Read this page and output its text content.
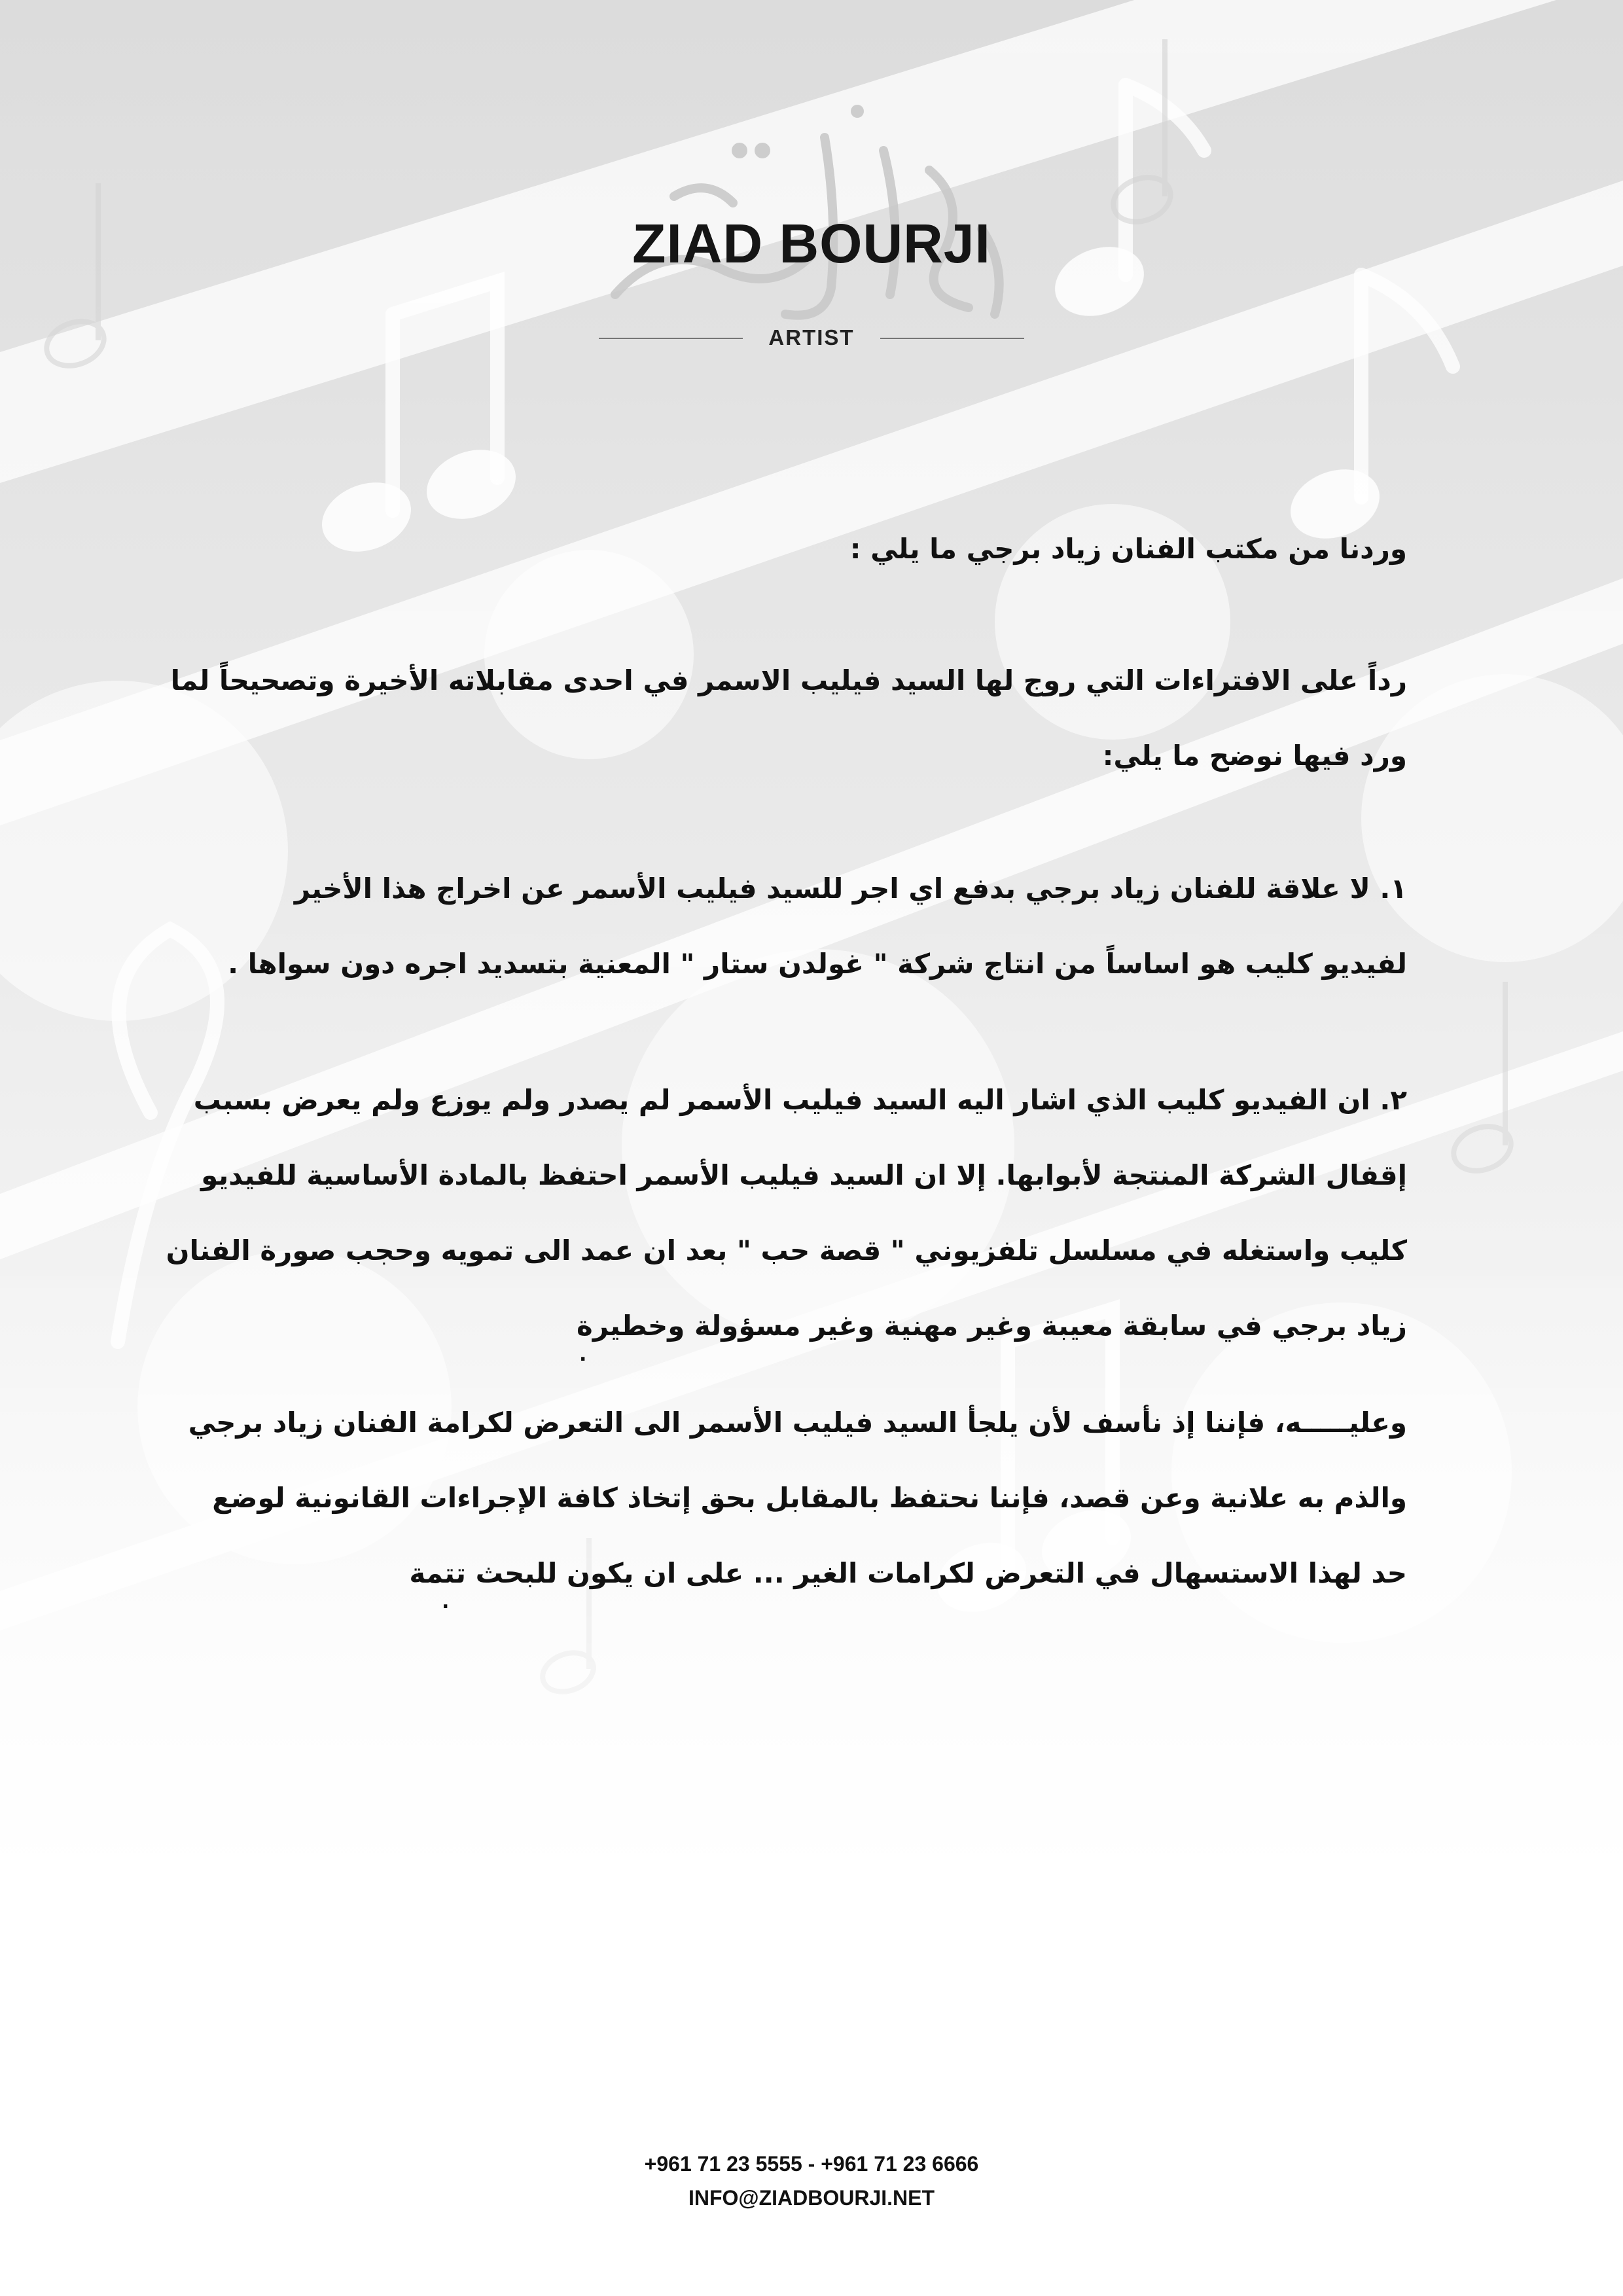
ZIAD BOURJI
ARTIST
وردنا من مكتب الفنان زياد برجي ما يلي :
رداً على الافتراءات التي روج لها السيد فيليب الاسمر في احدى مقابلاته الأخيرة وتصحيحاً لما
ورد فيها نوضح ما يلي:
١. لا علاقة للفنان زياد برجي بدفع اي اجر للسيد فيليب الأسمر عن اخراج هذا الأخير
لفيديو كليب هو اساساً من انتاج شركة " غولدن ستار " المعنية بتسديد اجره دون سواها .
٢. ان الفيديو كليب الذي اشار اليه السيد فيليب الأسمر لم يصدر ولم يوزع ولم يعرض بسبب
إقفال الشركة المنتجة لأبوابها. إلا ان السيد فيليب الأسمر احتفظ بالمادة الأساسية للفيديو
كليب واستغله في مسلسل تلفزيوني " قصة حب " بعد ان عمد الى تمويه وحجب صورة الفنان
زياد برجي في سابقة معيبة وغير مهنية وغير مسؤولة وخطيرة
.
وعليـــــه، فإننا إذ نأسف لأن يلجأ السيد فيليب الأسمر الى التعرض لكرامة الفنان زياد برجي
والذم به علانية وعن قصد، فإننا نحتفظ بالمقابل بحق إتخاذ كافة الإجراءات القانونية لوضع
حد لهذا الاستسهال في التعرض لكرامات الغير ... على ان يكون للبحث تتمة
.
+961 71 23 5555 - +961 71 23 6666
INFO@ZIADBOURJI.NET
